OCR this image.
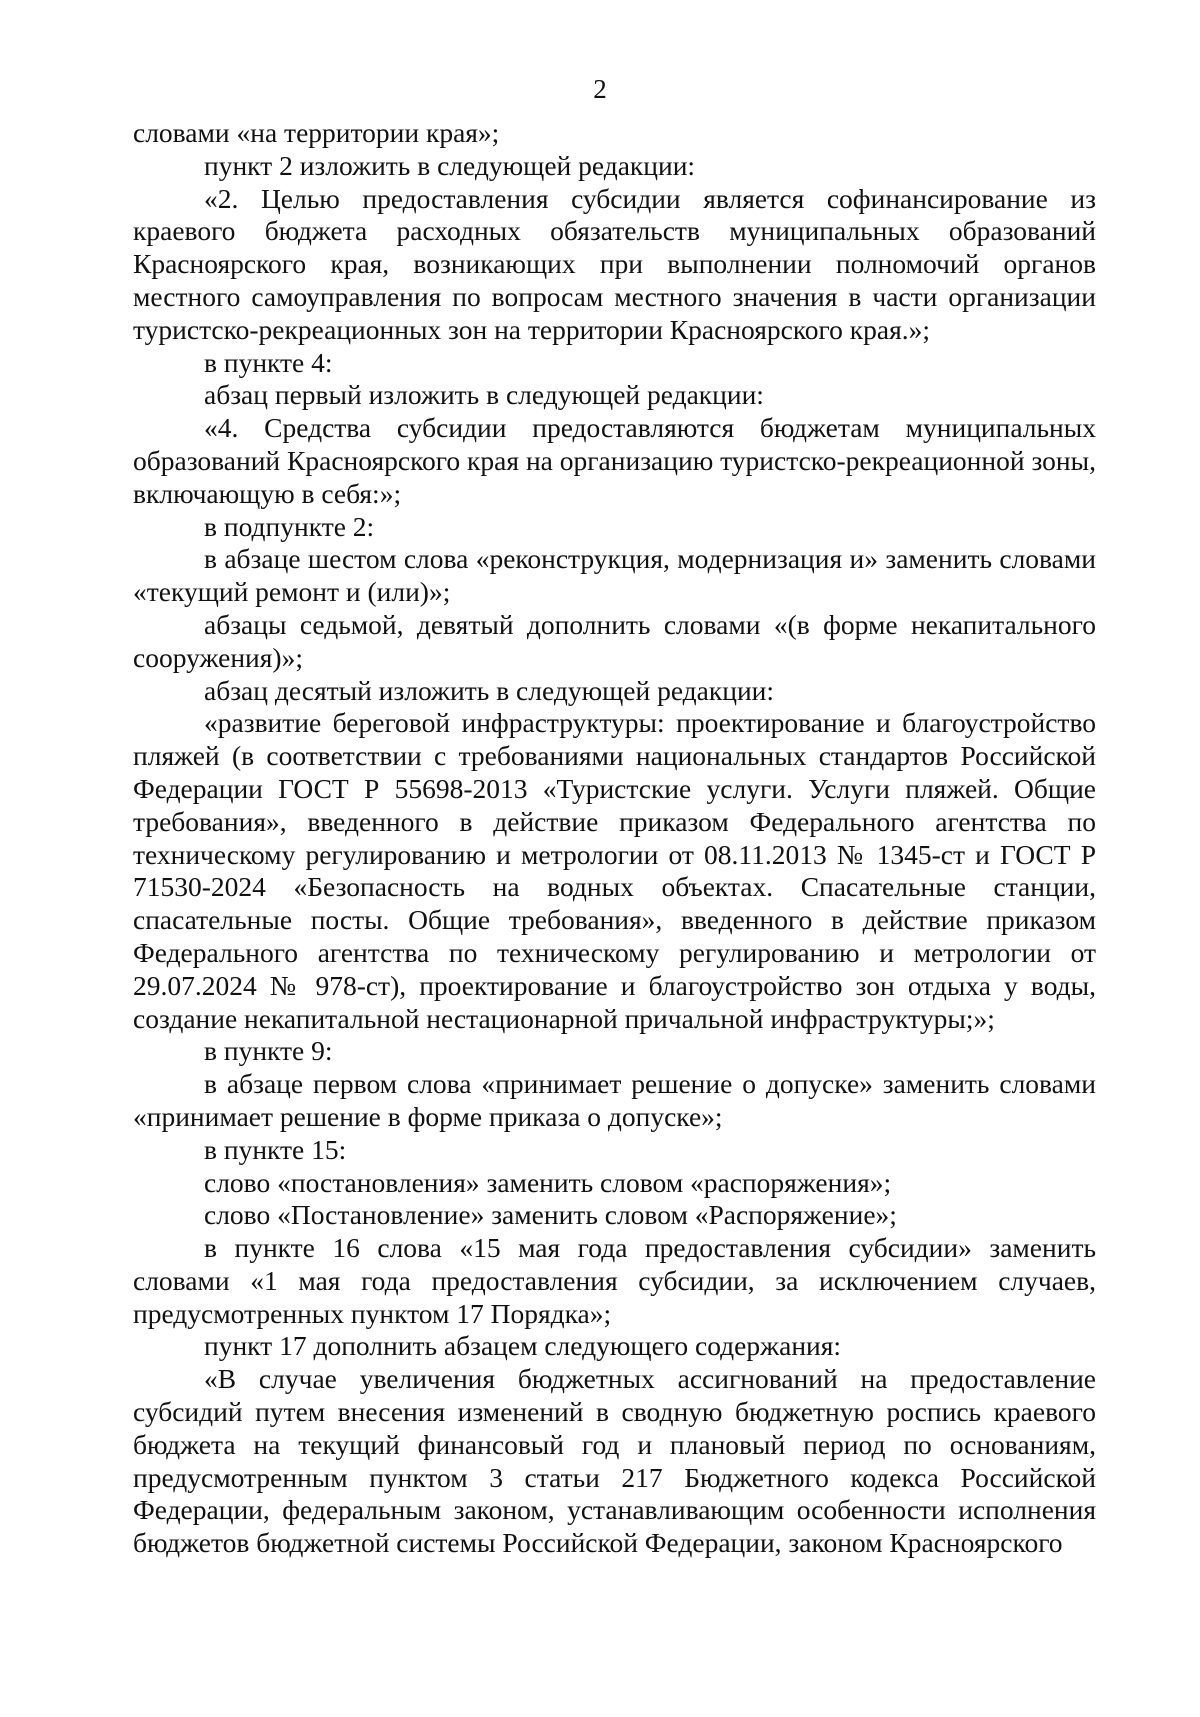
2

словами «на территории края»;

пункт 2 изложить в следующей редакции:

«2. Целью предоставления субсидии является софинансирование из краевого бюджета расходных обязательств муниципальных образований Красноярского края, возникающих при выполнении полномочий органов местного самоуправления по вопросам местного значения в части организации туристско-рекреационных зон на территории Красноярского края.»;

в пункте 4:

абзац первый изложить в следующей редакции:

«4. Средства субсидии предоставляются бюджетам муниципальных образований Красноярского края на организацию туристско-рекреационной зоны, включающую в себя:»;

в подпункте 2:

в абзаце шестом слова «реконструкция, модернизация и» заменить словами «текущий ремонт и (или)»;

абзацы седьмой, девятый дополнить словами «(в форме некапитального сооружения)»;

абзац десятый изложить в следующей редакции:

«развитие береговой инфраструктуры: проектирование и благоустройство пляжей (в соответствии с требованиями национальных стандартов Российской Федерации ГОСТ Р 55698-2013 «Туристские услуги. Услуги пляжей. Общие требования», введенного в действие приказом Федерального агентства по техническому регулированию и метрологии от 08.11.2013 № 1345-ст и ГОСТ Р 71530-2024 «Безопасность на водных объектах. Спасательные станции, спасательные посты. Общие требования», введенного в действие приказом Федерального агентства по техническому регулированию и метрологии от 29.07.2024 № 978-ст), проектирование и благоустройство зон отдыха у воды, создание некапитальной нестационарной причальной инфраструктуры;»;

в пункте 9:

в абзаце первом слова «принимает решение о допуске» заменить словами «принимает решение в форме приказа о допуске»;

в пункте 15:

слово «постановления» заменить словом «распоряжения»;

слово «Постановление» заменить словом «Распоряжение»;

в пункте 16 слова «15 мая года предоставления субсидии» заменить словами «1 мая года предоставления субсидии, за исключением случаев, предусмотренных пунктом 17 Порядка»;

пункт 17 дополнить абзацем следующего содержания:

«В случае увеличения бюджетных ассигнований на предоставление субсидий путем внесения изменений в сводную бюджетную роспись краевого бюджета на текущий финансовый год и плановый период по основаниям, предусмотренным пунктом 3 статьи 217 Бюджетного кодекса Российской Федерации, федеральным законом, устанавливающим особенности исполнения бюджетов бюджетной системы Российской Федерации, законом Красноярского
